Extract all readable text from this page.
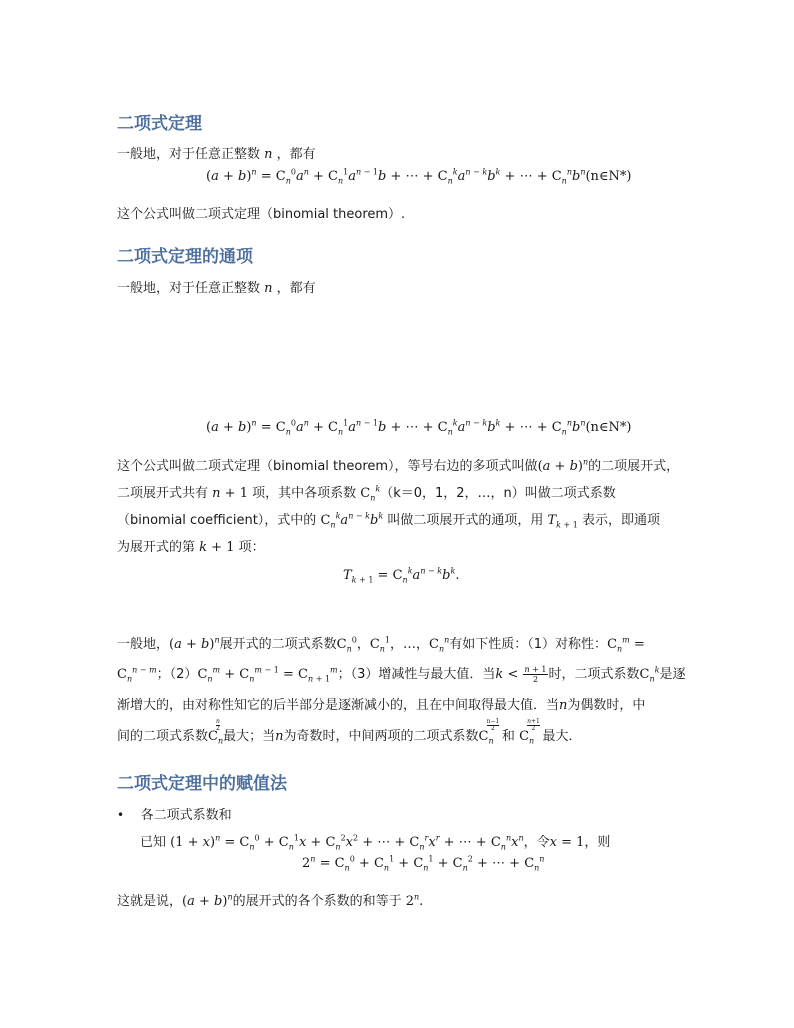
二项式定理
一般地，对于任意正整数 n ，都有
$(a + b)^n = C_n^0a^n + C_n^1a^{n - 1}b$ + ⋯ + $C_n^ka^{n - k}b^k$ + ⋯ + $C_n^nb^n(n\in N*)$
这个公式叫做二项式定理（binomial theorem）.
二项式定理的通项
一般地，对于任意正整数 n ，都有
$(a + b)^n = C_n^0a^n + C_n^1a^{n - 1}b$ + ⋯ + $C_n^ka^{n - k}b^k$ + ⋯ + $C_n^nb^n(n\in N*)$
这个公式叫做二项式定理（binomial theorem），等号右边的多项式叫做$(a + b)^n$的二项展开式，
二项展开式共有 n + 1 项，其中各项系数 $C_n^k(k=0$，1，2，…，n）叫做二项式系数
（binomial coefficient），式中的 $C_n^ka^{n - k}b^k$ 叫做二项展开式的通项，用 $T_{k + 1}$ 表示，即通项
为展开式的第 k + 1 项：
$T_{k + 1} = C_n^ka^{n - k}b^k$.
一般地，$(a + b)^n$展开式的二项式系数$C_n^0$，$C_n^1$，…，$C_n^n$有如下性质：（1）对称性：$C_n^m$ =
$C_n^{n - m}$；$(2)C_n^m + C_n^{m - 1} = C_{n + 1}^m$；（3）增减性与最大值．当$k < \frac{n + 1}{2}$ 时，二项式系数$C_n^k$是逐
渐增大的，由对称性知它的后半部分是逐渐减小的，且在中间取得最大值．当n为偶数时，中
间的二项式系数$C_n$
n
2
最大；当n为奇数时，中间两项的二项式系数$C_n$
n−1
2
和 $C_n$
n+1
2
最大．
二项式定理中的赋值法
• 各二项式系数和
已知 $(1 + x)^n = C_n^0 + C_n^1x + C_n^2x^2$ + ⋯ + $C_n^rx^r$ + ⋯ + $C_n^nx^n$，令x = 1，则
$2^n = C_n^0 + C_n^1 + C_n^1 + C_n^2$ + ⋯ + $C_n^n$
这就是说，$(a + b)^n$的展开式的各个系数的和等于 2$^n$.
